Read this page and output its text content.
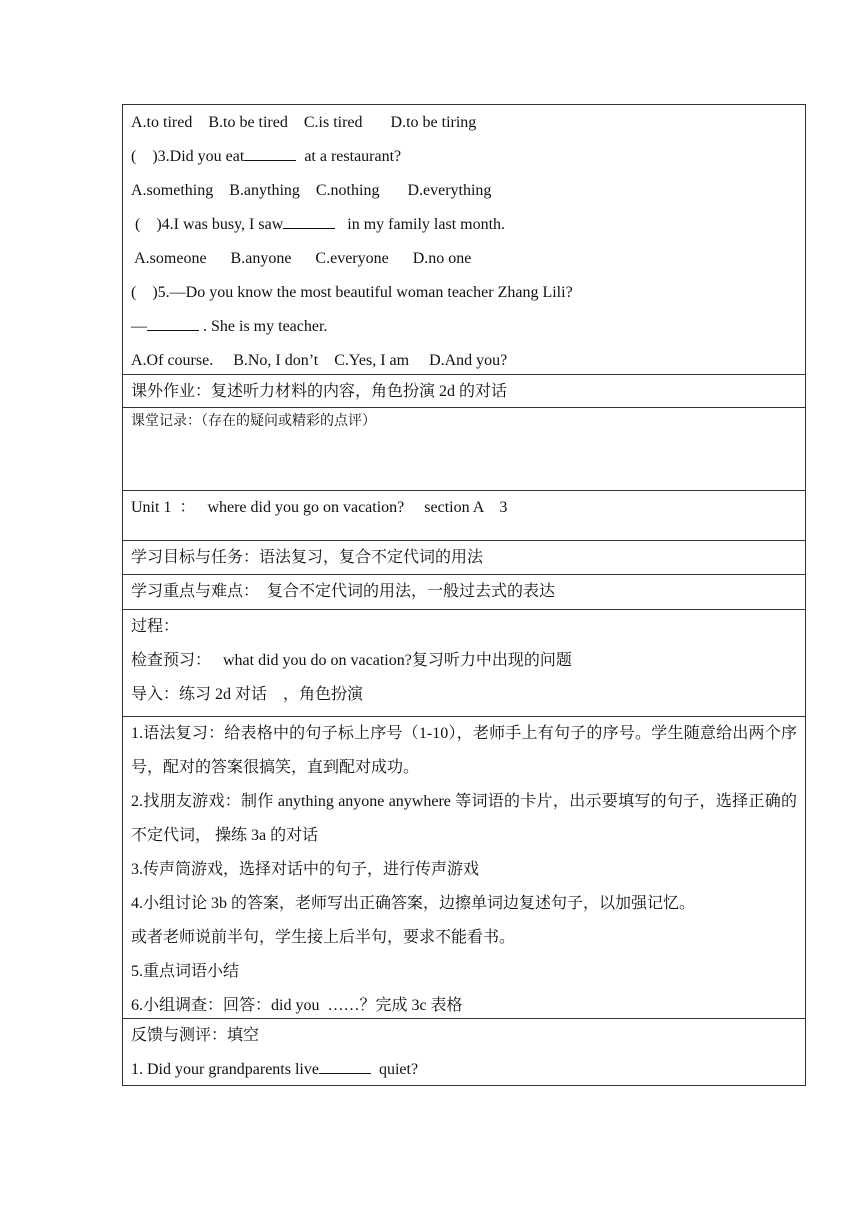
A.to tired    B.to be tired    C.is tired       D.to be tiring
(    )3.Did you eat	at a restaurant?
A.something    B.anything    C.nothing       D.everything
(    )4.I was busy, I saw	in my family last month.
A.someone      B.anyone      C.everyone      D.no one
(    )5.—Do you know the most beautiful woman teacher Zhang Lili?
—	. She is my teacher.
A.Of course.     B.No, I don’t    C.Yes, I am     D.And you?
课外作业：复述听力材料的内容，角色扮演 2d 的对话
课堂记录：（存在的疑问或精彩的点评）
Unit 1  ：   where did you go on vacation?     section A    3
学习目标与任务：语法复习，复合不定代词的用法
学习重点与难点：  复合不定代词的用法，一般过去式的表达
过程：
检查预习：   what did you do on vacation?复习听力中出现的问题
导入：练习 2d 对话    ，角色扮演
1.语法复习：给表格中的句子标上序号（1-10），老师手上有句子的序号。学生随意给出两个序号，配对的答案很搞笑，直到配对成功。
2.找朋友游戏：制作 anything anyone anywhere 等词语的卡片，出示要填写的句子，选择正确的不定代词， 操练 3a 的对话
3.传声筒游戏，选择对话中的句子，进行传声游戏
4.小组讨论 3b 的答案，老师写出正确答案，边擦单词边复述句子，以加强记忆。
或者老师说前半句，学生接上后半句，要求不能看书。
5.重点词语小结
6.小组调查：回答：did you  ……？完成 3c 表格
反馈与测评：填空
1. Did your grandparents live	quiet?
